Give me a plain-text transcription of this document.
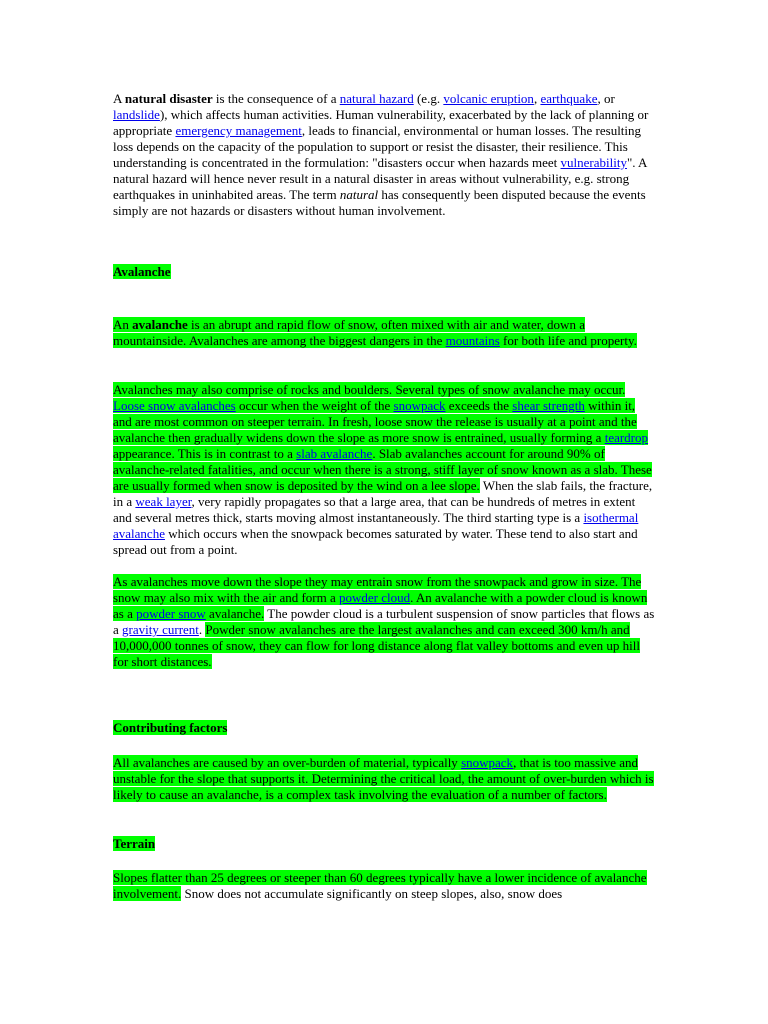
A natural disaster is the consequence of a natural hazard (e.g. volcanic eruption, earthquake, or landslide), which affects human activities. Human vulnerability, exacerbated by the lack of planning or appropriate emergency management, leads to financial, environmental or human losses. The resulting loss depends on the capacity of the population to support or resist the disaster, their resilience. This understanding is concentrated in the formulation: "disasters occur when hazards meet vulnerability". A natural hazard will hence never result in a natural disaster in areas without vulnerability, e.g. strong earthquakes in uninhabited areas. The term natural has consequently been disputed because the events simply are not hazards or disasters without human involvement.

Avalanche

An avalanche is an abrupt and rapid flow of snow, often mixed with air and water, down a mountainside. Avalanches are among the biggest dangers in the mountains for both life and property.

Avalanches may also comprise of rocks and boulders. Several types of snow avalanche may occur. Loose snow avalanches occur when the weight of the snowpack exceeds the shear strength within it, and are most common on steeper terrain. In fresh, loose snow the release is usually at a point and the avalanche then gradually widens down the slope as more snow is entrained, usually forming a teardrop appearance. This is in contrast to a slab avalanche. Slab avalanches account for around 90% of avalanche-related fatalities, and occur when there is a strong, stiff layer of snow known as a slab. These are usually formed when snow is deposited by the wind on a lee slope. When the slab fails, the fracture, in a weak layer, very rapidly propagates so that a large area, that can be hundreds of metres in extent and several metres thick, starts moving almost instantaneously. The third starting type is a isothermal avalanche which occurs when the snowpack becomes saturated by water. These tend to also start and spread out from a point.

As avalanches move down the slope they may entrain snow from the snowpack and grow in size. The snow may also mix with the air and form a powder cloud. An avalanche with a powder cloud is known as a powder snow avalanche. The powder cloud is a turbulent suspension of snow particles that flows as a gravity current. Powder snow avalanches are the largest avalanches and can exceed 300 km/h and 10,000,000 tonnes of snow, they can flow for long distance along flat valley bottoms and even up hill for short distances.

Contributing factors

All avalanches are caused by an over-burden of material, typically snowpack, that is too massive and unstable for the slope that supports it. Determining the critical load, the amount of over-burden which is likely to cause an avalanche, is a complex task involving the evaluation of a number of factors.

Terrain

Slopes flatter than 25 degrees or steeper than 60 degrees typically have a lower incidence of avalanche involvement. Snow does not accumulate significantly on steep slopes, also, snow does
